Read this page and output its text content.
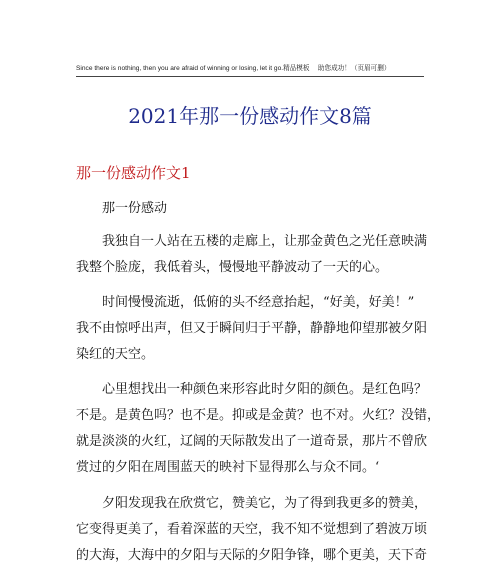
Since there is nothing, then you are afraid of winning or losing, let it go.精品模板　 助您成功！（页眉可删）
2021年那一份感动作文8篇
那一份感动作文1
那一份感动
我独自一人站在五楼的走廊上，让那金黄色之光任意映满
我整个脸庞，我低着头，慢慢地平静波动了一天的心。
时间慢慢流逝，低俯的头不经意抬起，“好美，好美！”
我不由惊呼出声，但又于瞬间归于平静，静静地仰望那被夕阳
染红的天空。
心里想找出一种颜色来形容此时夕阳的颜色。是红色吗？
不是。是黄色吗？也不是。抑或是金黄？也不对。火红？没错，
就是淡淡的火红，辽阔的天际散发出了一道奇景，那片不曾欣
赏过的夕阳在周围蓝天的映衬下显得那么与众不同。‘
夕阳发现我在欣赏它，赞美它，为了得到我更多的赞美，
它变得更美了，看着深蓝的天空，我不知不觉想到了碧波万顷
的大海，大海中的夕阳与天际的夕阳争锋，哪个更美，天下奇
